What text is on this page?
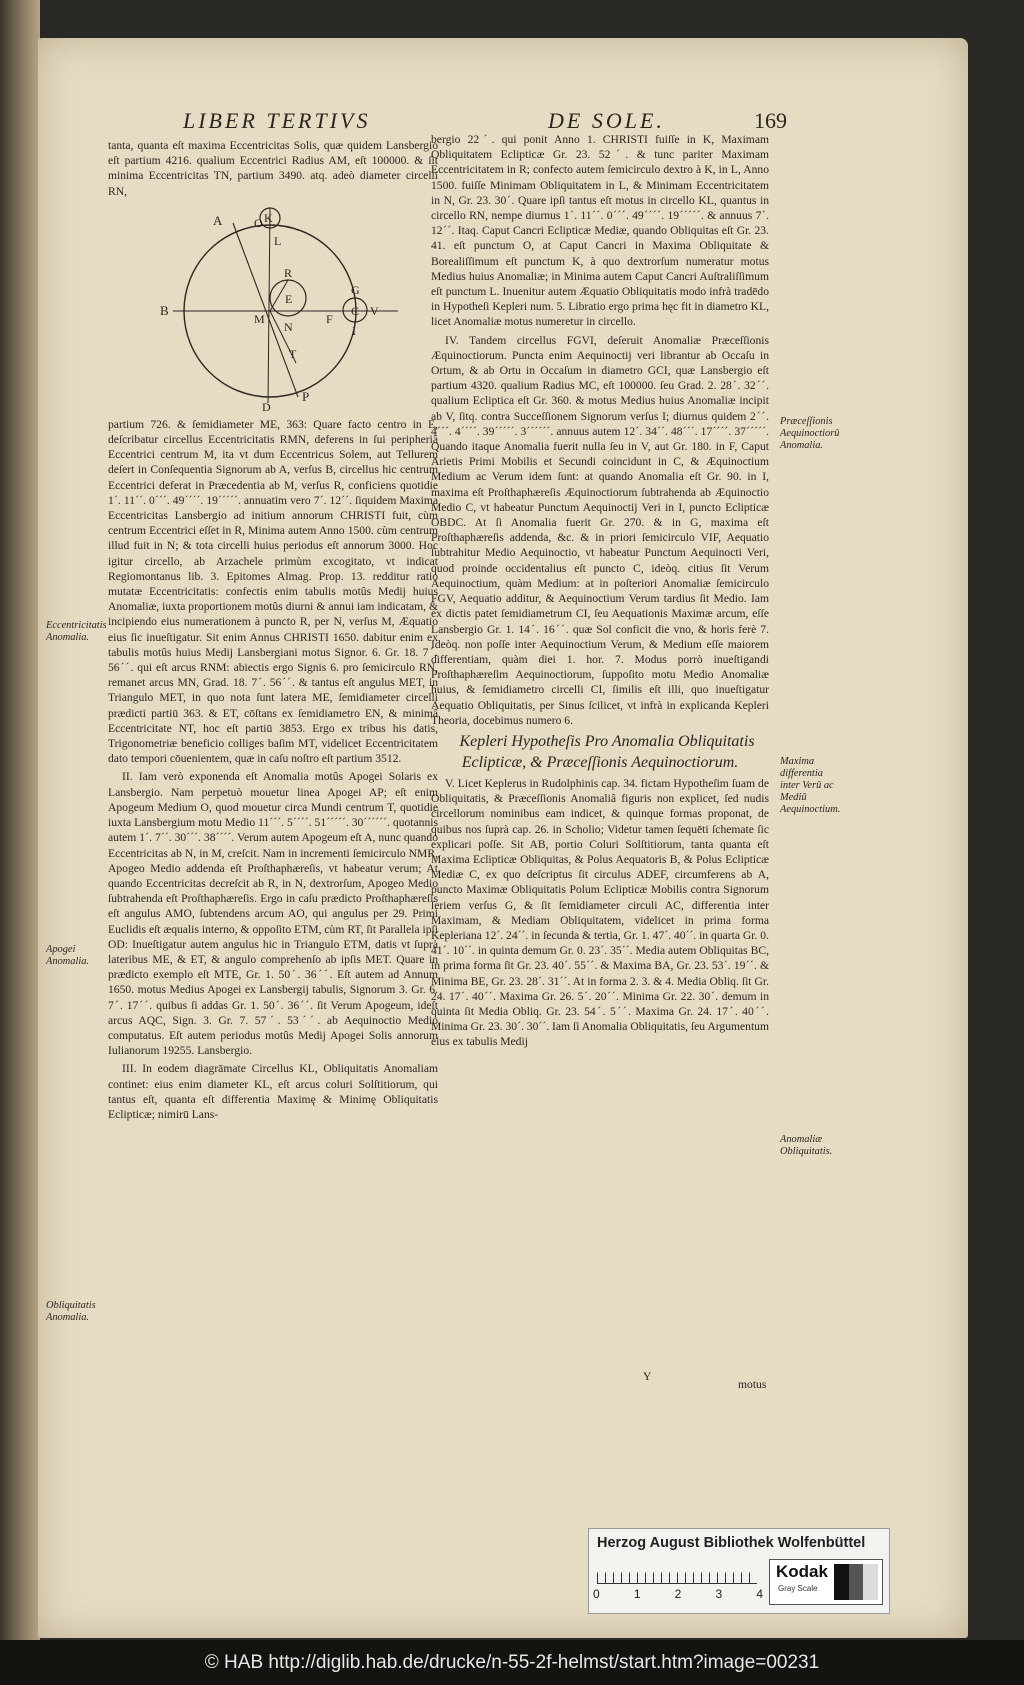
LIBER TERTIVS	DE SOLE.	169

tanta, quanta eſt maxima Eccentricitas Solis, quæ quidem Lansbergio eſt partium 4216. qualium Eccentrici Radius AM, eſt 100000. & ſit minima Eccentricitas TN, partium 3490. atq. adeò diameter circelli RN,

A	K
O
L
R
E
B
M
N
F
G
C V
I
T
D
P

partium 726. & ſemidiameter ME, 363: Quare facto centro in E, deſcribatur circellus Eccentricitatis RMN, deferens in ſui peripheriâ Eccentrici centrum M, ita vt dum Eccentricus Solem, aut Tellurem deſert in Conſequentia Signorum ab A, verſus B, circellus hic centrum Eccentrici deferat in Præcedentia ab M, verſus R, conficiens quotidie 1ˊ. 11ˊˊ. 0ˊˊˊ. 49ˊˊˊˊ. 19ˊˊˊˊˊ. annuatim vero 7ˊ. 12ˊˊ. ſiquidem Maxima Eccentricitas Lansbergio ad initium annorum CHRISTI fuit, cùm centrum Eccentrici eſſet in R, Minima autem Anno 1500. cùm centrum illud fuit in N; & tota circelli huius periodus eſt annorum 3000. Hoc igitur circello, ab Arzachele primùm excogitato, vt indicat Regiomontanus lib. 3. Epitomes Almag. Prop. 13. redditur ratio mutatæ Eccentricitatis: confectis enim tabulis motûs Medij huius Anomaliæ, iuxta proportionem motûs diurni & annui iam indicatam, & incipiendo eius numerationem à puncto R, per N, verſus M, Æquatio eius ſic inueſtigatur. Sit enim Annus CHRISTI 1650. dabitur enim ex tabulis motûs huius Medij Lansbergiani motus Signor. 6. Gr. 18. 7ˊ. 56ˊˊ. qui eſt arcus RNM: abiectis ergo Signis 6. pro ſemicirculo RN, remanet arcus MN, Grad. 18. 7ˊ. 56ˊˊ. & tantus eſt angulus MET, in Triangulo MET, in quo nota ſunt latera ME, ſemidiameter circelli prædicti partiū 363. & ET, cōſtans ex ſemidiametro EN, & minimâ Eccentricitate NT, hoc eſt partiū 3853. Ergo ex tribus his datis, Trigonometriæ beneficio colliges baſim MT, videlicet Eccentricitatem dato tempori cōuenientem, quæ in caſu noſtro eſt partium 3512.

II. Iam verò exponenda eſt Anomalia motûs Apogei Solaris ex Lansbergio. Nam perpetuò mouetur linea Apogei AP; eſt enim Apogeum Medium O, quod mouetur circa Mundi centrum T, quotidie iuxta Lansbergium motu Medio 11ˊˊˊ. 5ˊˊˊˊ. 51ˊˊˊˊˊ. 30ˊˊˊˊˊˊ. quotannis autem 1ˊ. 7ˊˊ. 30ˊˊˊ. 38ˊˊˊˊ. Verum autem Apogeum eſt A, nunc quando Eccentricitas ab N, in M, creſcit. Nam in incrementi ſemicirculo NMR, Apogeo Medio addenda eſt Proſthaphæreſis, vt habeatur verum; At quando Eccentricitas decreſcit ab R, in N, dextrorſum, Apogeo Medio ſubtrahenda eſt Proſthaphæreſis. Ergo in caſu prædicto Proſthaphæreſis eſt angulus AMO, ſubtendens arcum AO, qui angulus per 29. Primi Euclidis eſt æqualis interno, & oppoſito ETM, cùm RT, ſit Parallela ipſi OD: Inueſtigatur autem angulus hic in Triangulo ETM, datis vt ſuprà lateribus ME, & ET, & angulo comprehenſo ab ipſis MET. Quare in prædicto exemplo eſt MTE, Gr. 1. 50ˊ. 36ˊˊ. Eſt autem ad Annum 1650. motus Medius Apogei ex Lansbergij tabulis, Signorum 3. Gr. 6. 7ˊ. 17ˊˊ. quibus ſi addas Gr. 1. 50ˊ. 36ˊˊ. ſit Verum Apogeum, ideſt arcus AQC, Sign. 3. Gr. 7. 57ˊ. 53ˊˊ. ab Aequinoctio Medio computatus. Eſt autem periodus motûs Medij Apogei Solis annorum Iulianorum 19255. Lansbergio.

III. In eodem diagrāmate Circellus KL, Obliquitatis Anomaliam continet: eius enim diameter KL, eſt arcus coluri Solſtitiorum, qui tantus eſt, quanta eſt differentia Maximę & Minimę Obliquitatis Eclipticæ; nimirū Lans-

bergio 22ˊ. qui ponit Anno 1. CHRISTI fuiſſe in K, Maximam Obliquitatem Eclipticæ Gr. 23. 52ˊ. & tunc pariter Maximam Eccentricitatem in R; confecto autem ſemicirculo dextro à K, in L, Anno 1500. fuiſſe Minimam Obliquitatem in L, & Minimam Eccentricitatem in N, Gr. 23. 30ˊ. Quare ipſi tantus eſt motus in circello KL, quantus in circello RN, nempe diurnus 1ˊ. 11ˊˊ. 0ˊˊˊ. 49ˊˊˊˊ. 19ˊˊˊˊˊ. & annuus 7ˊ. 12ˊˊ. Itaq. Caput Cancri Eclipticæ Mediæ, quando Obliquitas eſt Gr. 23. 41. eſt punctum O, at Caput Cancri in Maxima Obliquitate & Borealiſſimum eſt punctum K, à quo dextrorſum numeratur motus Medius huius Anomaliæ; in Minima autem Caput Cancri Auſtraliſſimum eſt punctum L. Inuenitur autem Æquatio Obliquitatis modo infrà tradēdo in Hypotheſi Kepleri num. 5. Libratio ergo prima hęc fit in diametro KL, licet Anomaliæ motus numeretur in circello.

IV. Tandem circellus FGVI, deſeruit Anomaliæ Præceſſionis Æquinoctiorum. Puncta enim Aequinoctij veri librantur ab Occaſu in Ortum, & ab Ortu in Occaſum in diametro GCI, quæ Lansbergio eſt partium 4320. qualium Radius MC, eſt 100000. ſeu Grad. 2. 28ˊ. 32ˊˊ. qualium Ecliptica eſt Gr. 360. & motus Medius huius Anomaliæ incipit ab V, ſitq. contra Succeſſionem Signorum verſus I; diurnus quidem 2ˊˊ. 4ˊˊˊ. 4ˊˊˊˊ. 39ˊˊˊˊˊ. 3ˊˊˊˊˊˊ. annuus autem 12ˊ. 34ˊˊ. 48ˊˊˊ. 17ˊˊˊˊ. 37ˊˊˊˊˊ. Quando itaque Anomalia fuerit nulla ſeu in V, aut Gr. 180. in F, Caput Arietis Primi Mobilis et Secundi coincidunt in C, & Æquinoctium Medium ac Verum idem ſunt: at quando Anomalia eſt Gr. 90. in I, maxima eſt Proſthaphæreſis Æquinoctiorum ſubtrahenda ab Æquinoctio Medio C, vt habeatur Punctum Aequinoctij Veri in I, puncto Eclipticæ OBDC. At ſi Anomalia fuerit Gr. 270. & in G, maxima eſt Proſthaphæreſis addenda, &c. & in priori ſemicirculo VIF, Aequatio ſubtrahitur Medio Aequinoctio, vt habeatur Punctum Aequinocti Veri, quod proinde occidentalius eſt puncto C, ideòq. citius ſit Verum Aequinoctium, quàm Medium: at in poſteriori Anomaliæ ſemicirculo FGV, Aequatio additur, & Aequinoctium Verum tardius ſit Medio. Iam ex dictis patet ſemidiametrum CI, ſeu Aequationis Maximæ arcum, eſſe Lansbergio Gr. 1. 14ˊ. 16ˊˊ. quæ Sol conficit die vno, & horis ferè 7. Ideòq. non poſſe inter Aequinoctium Verum, & Medium eſſe maiorem differentiam, quàm diei 1. hor. 7. Modus porrò inueſtigandi Proſthaphæreſim Aequinoctiorum, ſuppoſito motu Medio Anomaliæ huius, & ſemidiametro circelli CI, ſimilis eſt illi, quo inueſtigatur Aequatio Obliquitatis, per Sinus ſcilicet, vt infrà in explicanda Kepleri Theoria, docebimus numero 6.

Kepleri Hypotheſis Pro Anomalia Obliquitatis Eclipticæ, & Præceſſionis Aequinoctiorum.

V. Licet Keplerus in Rudolphinis cap. 34. fictam Hypotheſim ſuam de Obliquitatis, & Præceſſionis Anomaliâ figuris non explicet, ſed nudis circellorum nominibus eam indicet, & quinque formas proponat, de quibus nos ſuprà cap. 26. in Scholio; Videtur tamen ſequēti ſchemate ſic explicari poſſe. Sit AB, portio Coluri Solſtitiorum, tanta quanta eſt Maxima Eclipticæ Obliquitas, & Polus Aequatoris B, & Polus Eclipticæ Mediæ C, ex quo deſcriptus ſit circulus ADEF, circumferens ab A, puncto Maximæ Obliquitatis Polum Eclipticæ Mobilis contra Signorum ſeriem verſus G, & ſit ſemidiameter circuli AC, differentia inter Maximam, & Mediam Obliquitatem, videlicet in prima forma Kepleriana 12ˊ. 24ˊˊ. in ſecunda & tertia, Gr. 1. 47ˊ. 40ˊˊ. in quarta Gr. 0. 41ˊ. 10ˊˊ. in quinta demum Gr. 0. 23ˊ. 35ˊˊ. Media autem Obliquitas BC, in prima forma ſit Gr. 23. 40ˊ. 55ˊˊ. & Maxima BA, Gr. 23. 53ˊ. 19ˊˊ. & Minima BE, Gr. 23. 28ˊ. 31ˊˊ. At in forma 2. 3. & 4. Media Obliq. ſit Gr. 24. 17ˊ. 40ˊˊ. Maxima Gr. 26. 5ˊ. 20ˊˊ. Minima Gr. 22. 30ˊ. demum in quinta ſit Media Obliq. Gr. 23. 54ˊ. 5ˊˊ. Maxima Gr. 24. 17ˊ. 40ˊˊ. Minima Gr. 23. 30ˊ. 30ˊˊ. Iam ſi Anomalia Obliquitatis, ſeu Argumentum eius ex tabulis Medij

Y
motus
Eccentricitatis Anomalia.
Apogei Anomalia.
Obliquitatis Anomalia.
Præceſſionis Aequinoctiorū Anomalia.
Maxima differentia inter Verū ac Mediū Aequinoctium.
Anomaliæ Obliquitatis.
Herzog August Bibliothek Wolfenbüttel
0	1	2	3	4
Kodak
Gray Scale
© HAB http://diglib.hab.de/drucke/n-55-2f-helmst/start.htm?image=00231
